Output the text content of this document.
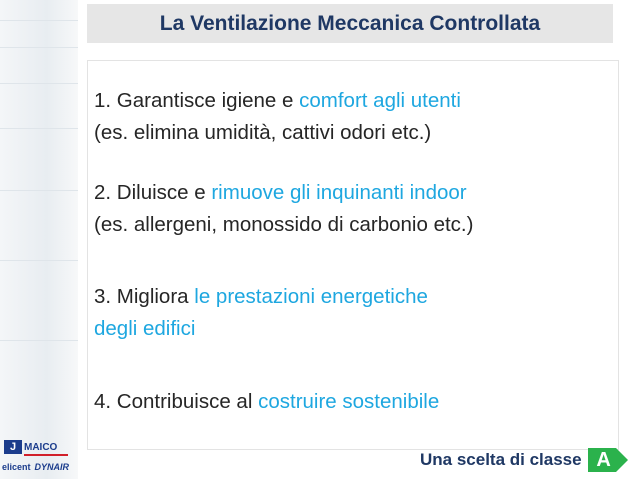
La Ventilazione Meccanica Controllata
1. Garantisce igiene e comfort agli utenti
(es. elimina umidità, cattivi odori etc.)
2. Diluisce e rimuove gli inquinanti indoor
(es. allergeni, monossido di carbonio etc.)
3. Migliora le prestazioni energetiche
degli edifici
4. Contribuisce al costruire sostenibile
J MAICO
elicent DYNAIR	Una scelta di classe A
